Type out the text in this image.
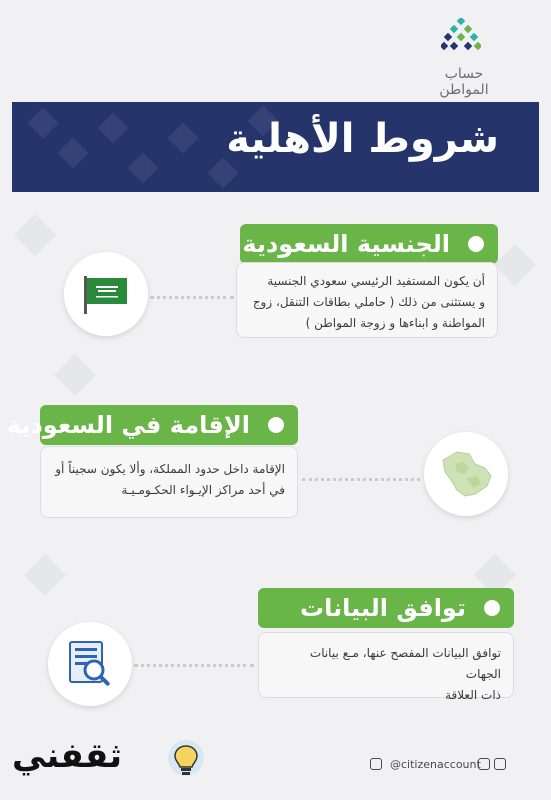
حساب المواطن
شروط الأهلية
الجنسية السعودية
أن يكون المستفيد الرئيسي سعودي الجنسية
و يستثنى من ذلك ( حاملي بطاقات التنقل، زوج
المواطنة و ابناءها و زوجة المواطن )
الإقامة في السعودية
الإقامة داخل حدود المملكة، وألا يكون سجيناً أو
في أحد مراكز الإيـواء الحكـومـيـة
توافق البيانات
توافق البيانات المفصح عنها، مـع بيانات الجهات
ذات العلاقة
ثقفني	@citizenaccount
